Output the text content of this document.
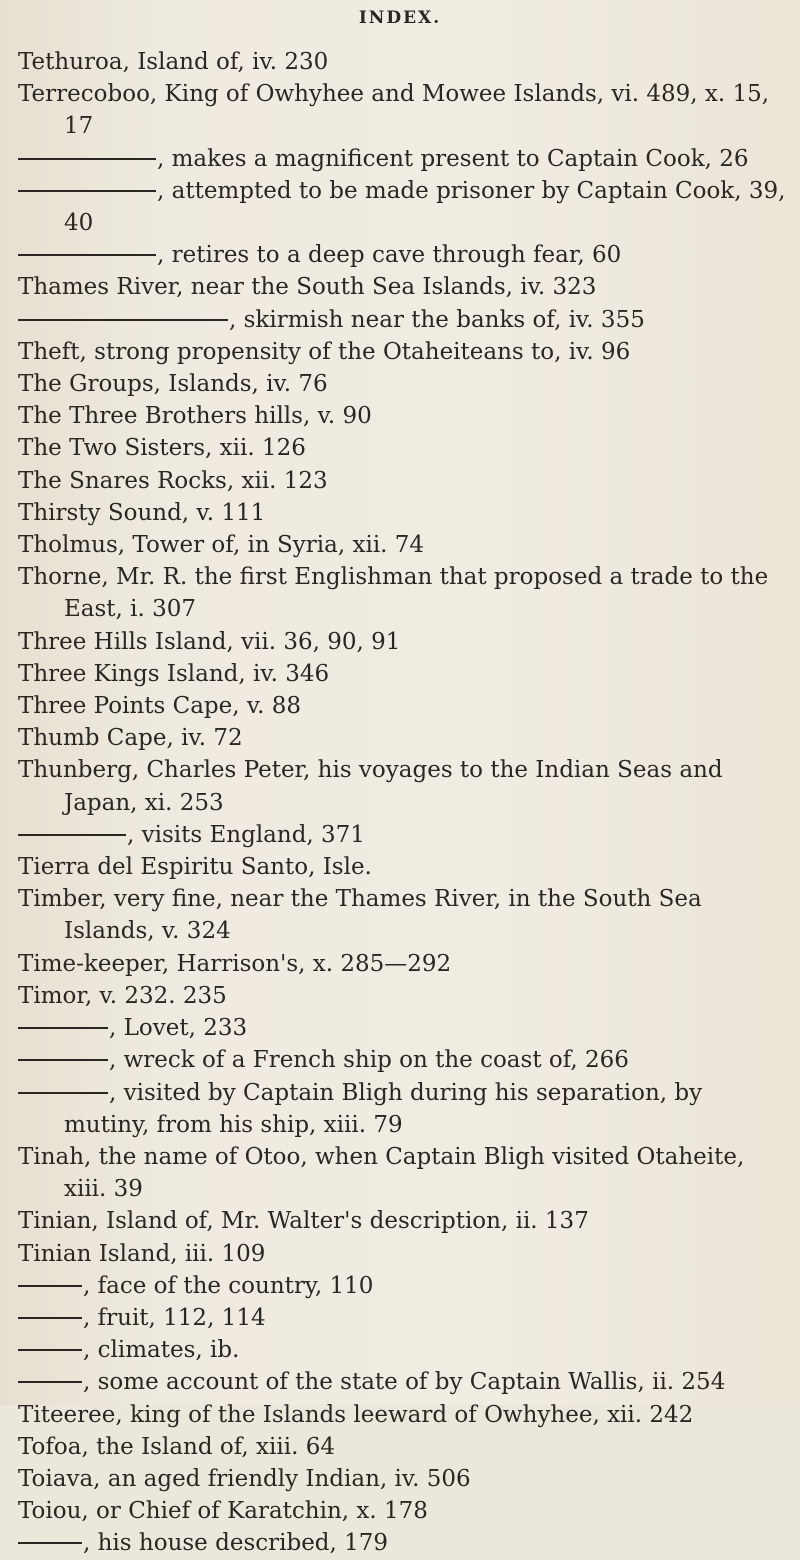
INDEX.
Tethuroa, Island of, iv. 230
Terrecoboo, King of Owhyhee and Mowee Islands, vi. 489, x. 15, 17
, makes a magnificent present to Captain Cook, 26
, attempted to be made prisoner by Captain Cook, 39, 40
, retires to a deep cave through fear, 60
Thames River, near the South Sea Islands, iv. 323
, skirmish near the banks of, iv. 355
Theft, strong propensity of the Otaheiteans to, iv. 96
The Groups, Islands, iv. 76
The Three Brothers hills, v. 90
The Two Sisters, xii. 126
The Snares Rocks, xii. 123
Thirsty Sound, v. 111
Tholmus, Tower of, in Syria, xii. 74
Thorne, Mr. R. the first Englishman that proposed a trade to the East, i. 307
Three Hills Island, vii. 36, 90, 91
Three Kings Island, iv. 346
Three Points Cape, v. 88
Thumb Cape, iv. 72
Thunberg, Charles Peter, his voyages to the Indian Seas and Japan, xi. 253
, visits England, 371
Tierra del Espiritu Santo, Isle.
Timber, very fine, near the Thames River, in the South Sea Islands, v. 324
Time-keeper, Harrison's, x. 285—292
Timor, v. 232. 235
, Lovet, 233
, wreck of a French ship on the coast of, 266
, visited by Captain Bligh during his separation, by mutiny, from his ship, xiii. 79
Tinah, the name of Otoo, when Captain Bligh visited Otaheite, xiii. 39
Tinian, Island of, Mr. Walter's description, ii. 137
Tinian Island, iii. 109
, face of the country, 110
, fruit, 112, 114
, climates, ib.
, some account of the state of by Captain Wallis, ii. 254
Titeeree, king of the Islands leeward of Owhyhee, xii. 242
Tofoa, the Island of, xiii. 64
Toiava, an aged friendly Indian, iv. 506
Toiou, or Chief of Karatchin, x. 178
, his house described, 179
